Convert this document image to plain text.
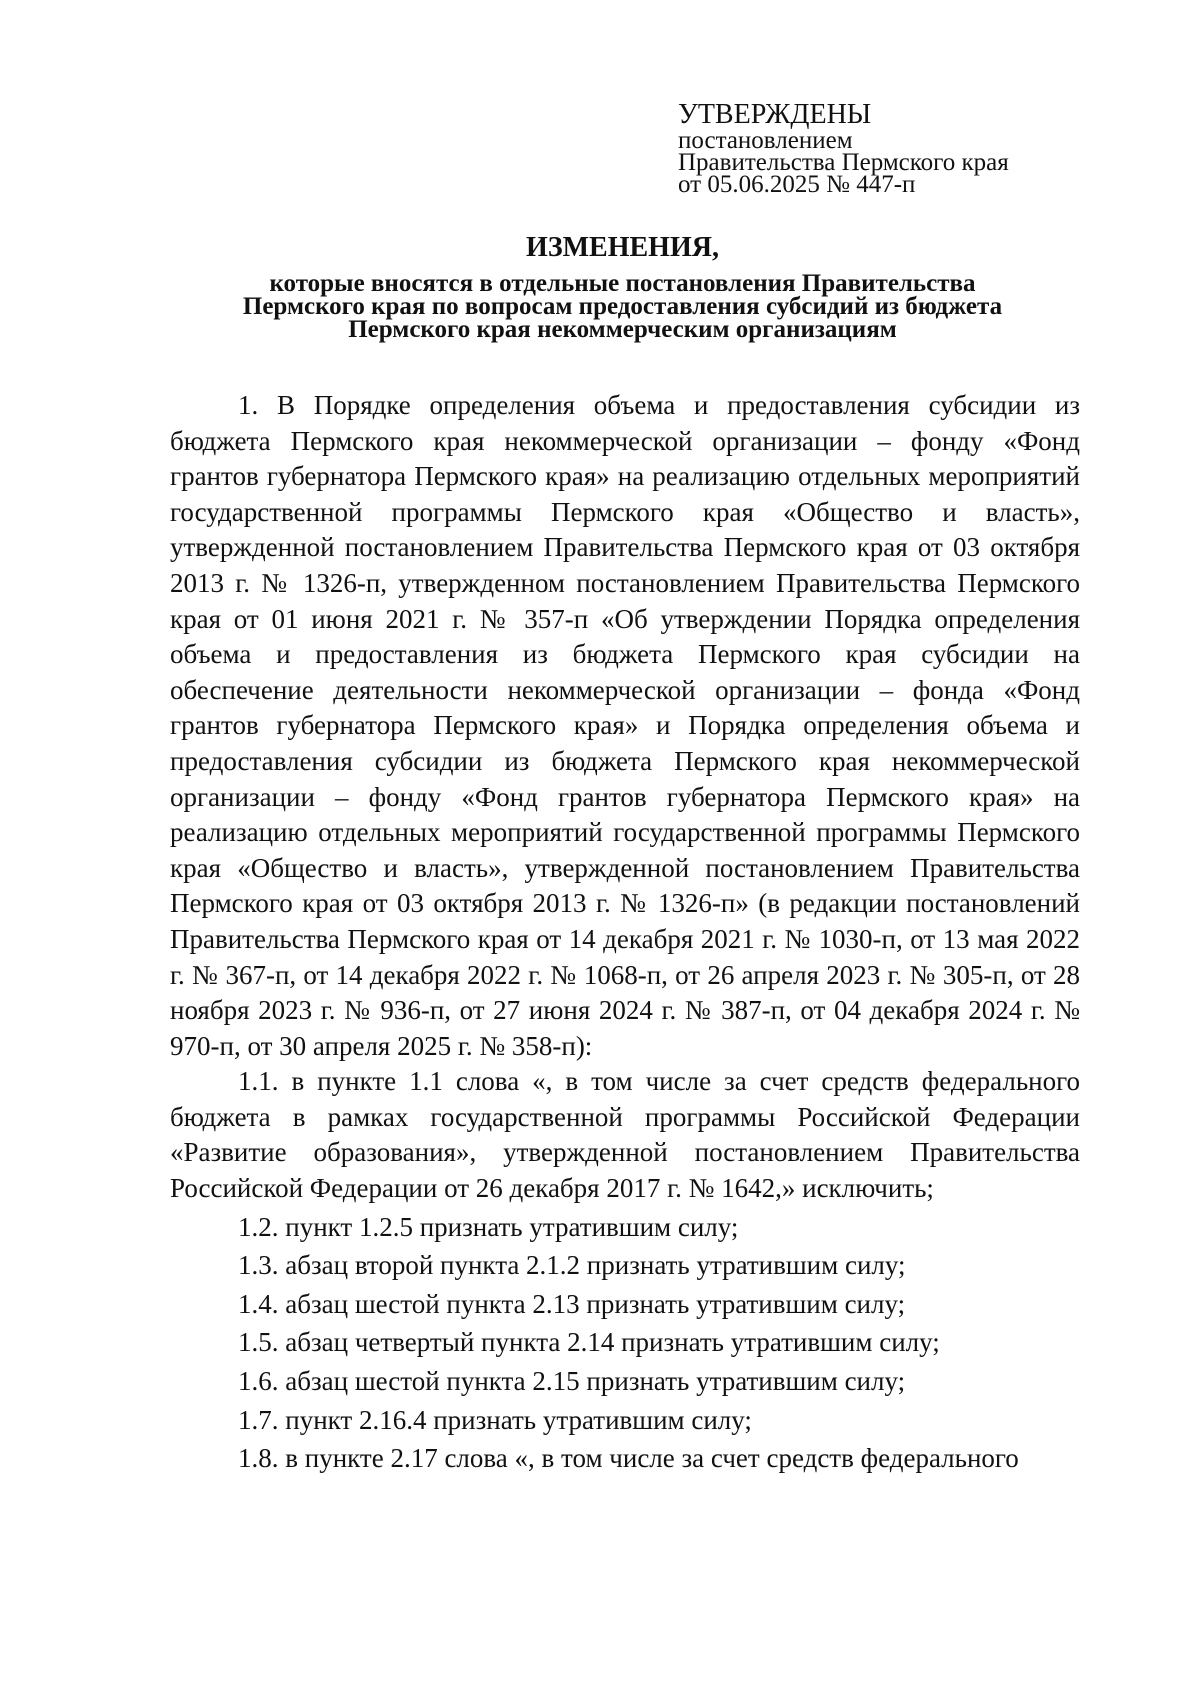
УТВЕРЖДЕНЫ
постановлением
Правительства Пермского края
от 05.06.2025 № 447-п
ИЗМЕНЕНИЯ,
которые вносятся в отдельные постановления Правительства
Пермского края по вопросам предоставления субсидий из бюджета
Пермского края некоммерческим организациям

1. В Порядке определения объема и предоставления субсидии из бюджета Пермского края некоммерческой организации – фонду «Фонд грантов губернатора Пермского края» на реализацию отдельных мероприятий государственной программы Пермского края «Общество и власть», утвержденной постановлением Правительства Пермского края от 03 октября 2013 г. № 1326-п, утвержденном постановлением Правительства Пермского края от 01 июня 2021 г. № 357-п «Об утверждении Порядка определения объема и предоставления из бюджета Пермского края субсидии на обеспечение деятельности некоммерческой организации – фонда «Фонд грантов губернатора Пермского края» и Порядка определения объема и предоставления субсидии из бюджета Пермского края некоммерческой организации – фонду «Фонд грантов губернатора Пермского края» на реализацию отдельных мероприятий государственной программы Пермского края «Общество и власть», утвержденной постановлением Правительства Пермского края от 03 октября 2013 г. № 1326-п» (в редакции постановлений Правительства Пермского края от 14 декабря 2021 г. № 1030-п, от 13 мая 2022 г. № 367-п, от 14 декабря 2022 г. № 1068-п, от 26 апреля 2023 г. № 305-п, от 28 ноября 2023 г. № 936-п, от 27 июня 2024 г. № 387-п, от 04 декабря 2024 г. № 970-п, от 30 апреля 2025 г. № 358-п):

1.1. в пункте 1.1 слова «, в том числе за счет средств федерального бюджета в рамках государственной программы Российской Федерации «Развитие образования», утвержденной постановлением Правительства Российской Федерации от 26 декабря 2017 г. № 1642,» исключить;

1.2. пункт 1.2.5 признать утратившим силу;

1.3. абзац второй пункта 2.1.2 признать утратившим силу;

1.4. абзац шестой пункта 2.13 признать утратившим силу;

1.5. абзац четвертый пункта 2.14 признать утратившим силу;

1.6. абзац шестой пункта 2.15 признать утратившим силу;

1.7. пункт 2.16.4 признать утратившим силу;

1.8. в пункте 2.17 слова «, в том числе за счет средств федерального
